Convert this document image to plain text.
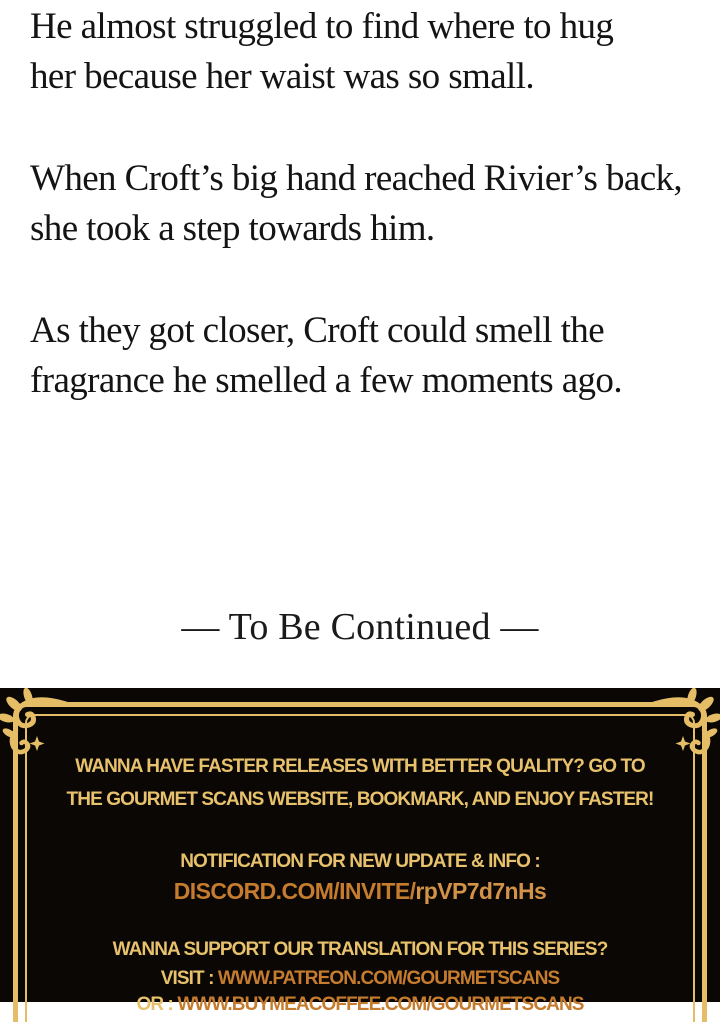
He almost struggled to find where to hug
her because her waist was so small.
When Croft’s big hand reached Rivier’s back,
she took a step towards him.
As they got closer, Croft could smell the
fragrance he smelled a few moments ago.
— To Be Continued —
WANNA HAVE FASTER RELEASES WITH BETTER QUALITY? GO TO
THE GOURMET SCANS WEBSITE, BOOKMARK, AND ENJOY FASTER!
NOTIFICATION FOR NEW UPDATE & INFO :
DISCORD.COM/INVITE/rpVP7d7nHs
WANNA SUPPORT OUR TRANSLATION FOR THIS SERIES?
VISIT : WWW.PATREON.COM/GOURMETSCANS
OR : WWW.BUYMEACOFFEE.COM/GOURMETSCANS
